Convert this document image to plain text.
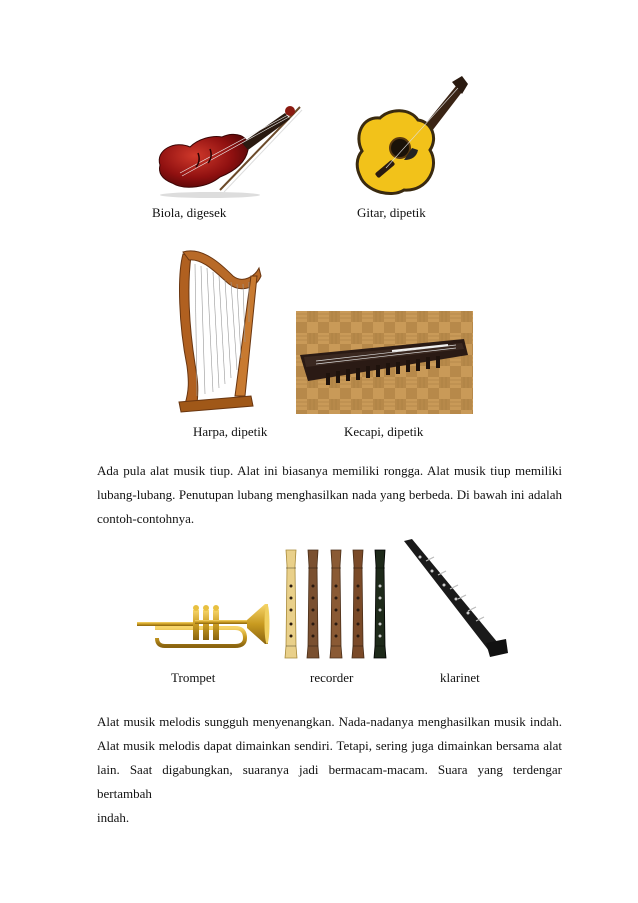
Biola, digesek	Gitar, dipetik
Harpa, dipetik	Kecapi, dipetik
Ada pula alat musik tiup. Alat ini biasanya memiliki rongga. Alat musik tiup memiliki
lubang-lubang. Penutupan lubang menghasilkan nada yang berbeda. Di bawah ini adalah
contoh-contohnya.
Trompet	recorder	klarinet
Alat musik melodis sungguh menyenangkan. Nada-nadanya menghasilkan musik indah.
Alat musik melodis dapat dimainkan sendiri. Tetapi, sering juga dimainkan bersama alat
lain. Saat digabungkan, suaranya jadi bermacam-macam. Suara yang terdengar bertambah
indah.
